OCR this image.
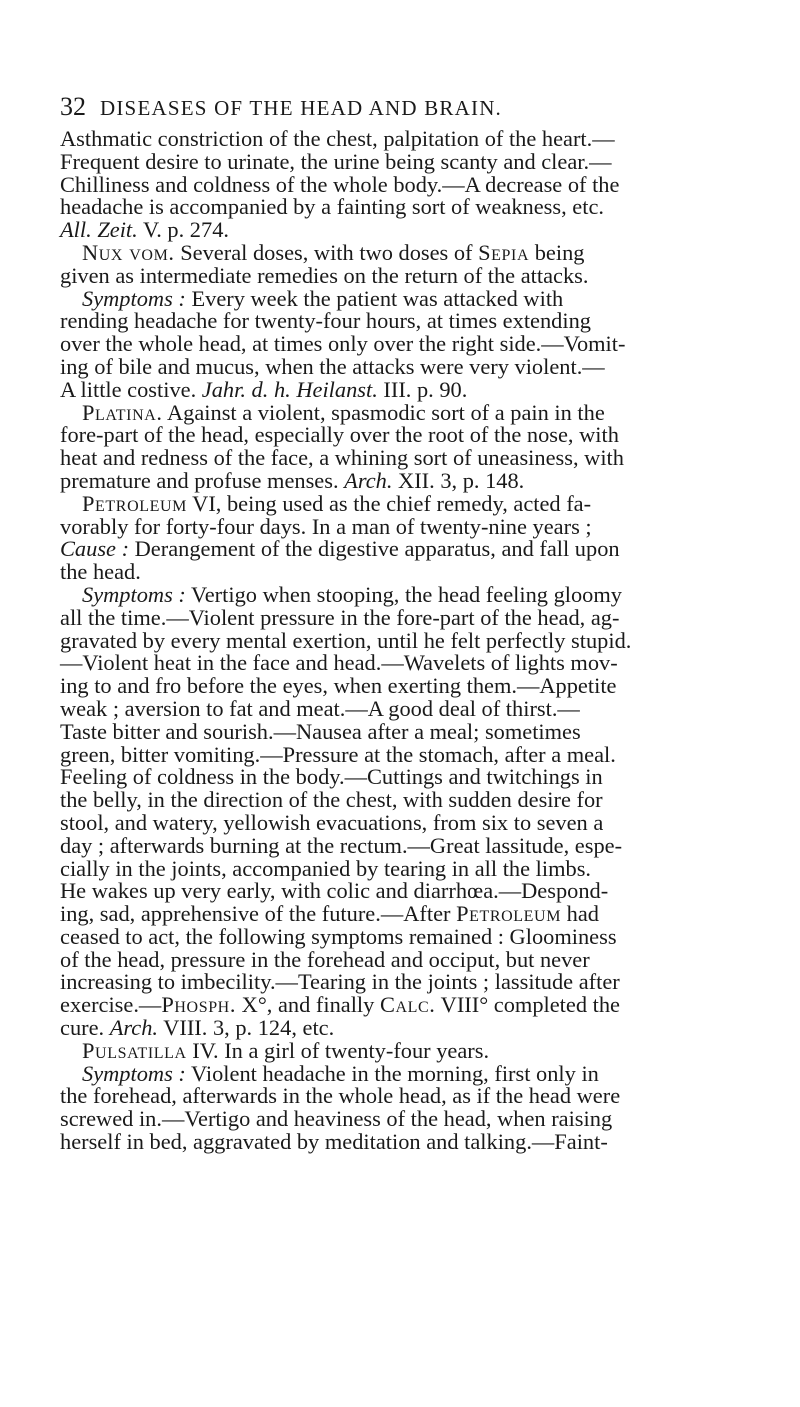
32 DISEASES OF THE HEAD AND BRAIN.
Asthmatic constriction of the chest, palpitation of the heart.—
Frequent desire to urinate, the urine being scanty and clear.—
Chilliness and coldness of the whole body.—A decrease of the
headache is accompanied by a fainting sort of weakness, etc.
All. Zeit. V. p. 274.
Nux vom. Several doses, with two doses of Sepia being
given as intermediate remedies on the return of the attacks.
Symptoms : Every week the patient was attacked with
rending headache for twenty-four hours, at times extending
over the whole head, at times only over the right side.—Vomit-
ing of bile and mucus, when the attacks were very violent.—
A little costive. Jahr. d. h. Heilanst. III. p. 90.
Platina. Against a violent, spasmodic sort of a pain in the
fore-part of the head, especially over the root of the nose, with
heat and redness of the face, a whining sort of uneasiness, with
premature and profuse menses. Arch. XII. 3, p. 148.
Petroleum VI, being used as the chief remedy, acted fa-
vorably for forty-four days. In a man of twenty-nine years ;
Cause : Derangement of the digestive apparatus, and fall upon
the head.
Symptoms : Vertigo when stooping, the head feeling gloomy
all the time.—Violent pressure in the fore-part of the head, ag-
gravated by every mental exertion, until he felt perfectly stupid.
—Violent heat in the face and head.—Wavelets of lights mov-
ing to and fro before the eyes, when exerting them.—Appetite
weak ; aversion to fat and meat.—A good deal of thirst.—
Taste bitter and sourish.—Nausea after a meal; sometimes
green, bitter vomiting.—Pressure at the stomach, after a meal.
Feeling of coldness in the body.—Cuttings and twitchings in
the belly, in the direction of the chest, with sudden desire for
stool, and watery, yellowish evacuations, from six to seven a
day ; afterwards burning at the rectum.—Great lassitude, espe-
cially in the joints, accompanied by tearing in all the limbs.
He wakes up very early, with colic and diarrhœa.—Despond-
ing, sad, apprehensive of the future.—After Petroleum had
ceased to act, the following symptoms remained : Gloominess
of the head, pressure in the forehead and occiput, but never
increasing to imbecility.—Tearing in the joints ; lassitude after
exercise.—Phosph. X°, and finally Calc. VIII° completed the
cure. Arch. VIII. 3, p. 124, etc.
Pulsatilla IV. In a girl of twenty-four years.
Symptoms : Violent headache in the morning, first only in
the forehead, afterwards in the whole head, as if the head were
screwed in.—Vertigo and heaviness of the head, when raising
herself in bed, aggravated by meditation and talking.—Faint-
